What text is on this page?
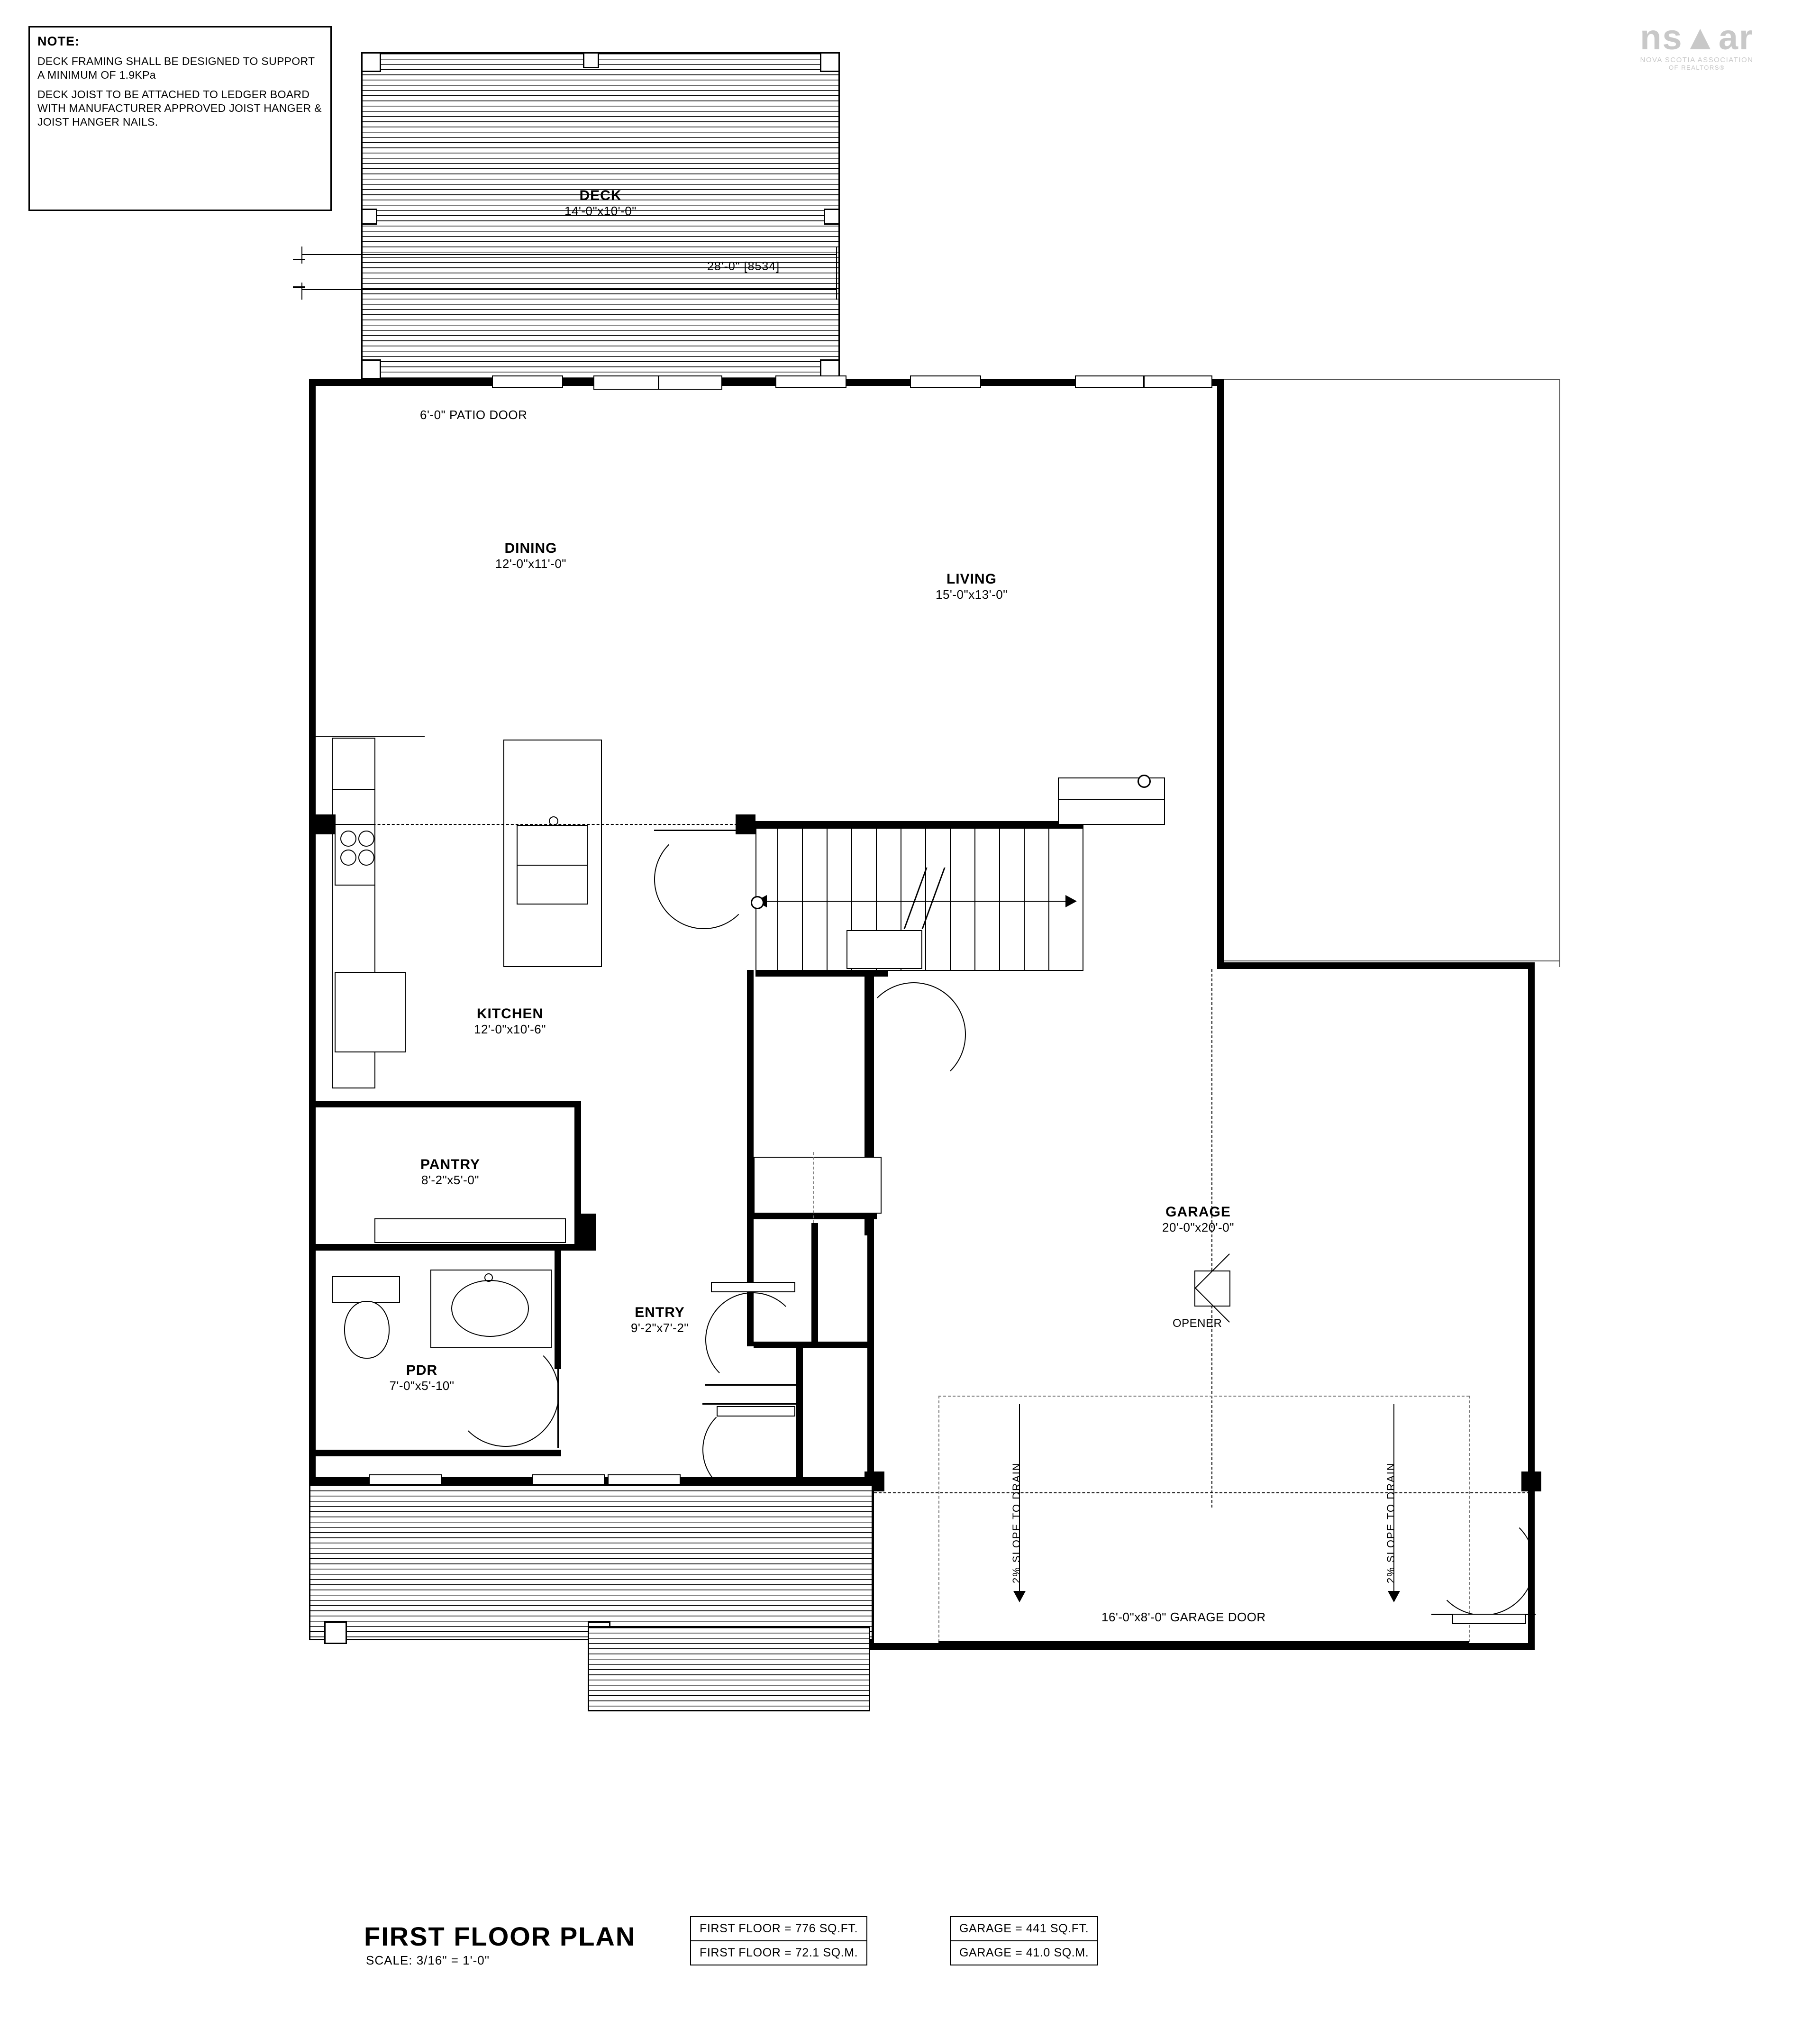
ns▲ar
NOVA SCOTIA ASSOCIATION
OF REALTORS®
NOTE:
DECK FRAMING SHALL BE DESIGNED TO SUPPORT A MINIMUM OF 1.9KPa
DECK JOIST TO BE ATTACHED TO LEDGER BOARD WITH MANUFACTURER APPROVED JOIST HANGER & JOIST HANGER NAILS.
DECK
14'-0"x10'-0"
28'-0" [8534]
6'-0" PATIO DOOR
DINING
12'-0"x11'-0"
LIVING
15'-0"x13'-0"
KITCHEN
12'-0"x10'-6"
PANTRY
8'-2"x5'-0"
PDR
7'-0"x5'-10"
ENTRY
9'-2"x7'-2"
GARAGE
20'-0"x20'-0"
OPENER
2% SLOPE TO DRAIN	2% SLOPE TO DRAIN
16'-0"x8'-0" GARAGE DOOR
FIRST FLOOR PLAN
SCALE: 3/16" = 1'-0"
FIRST FLOOR = 776 SQ.FT.
FIRST FLOOR = 72.1 SQ.M.
GARAGE = 441 SQ.FT.
GARAGE = 41.0 SQ.M.
